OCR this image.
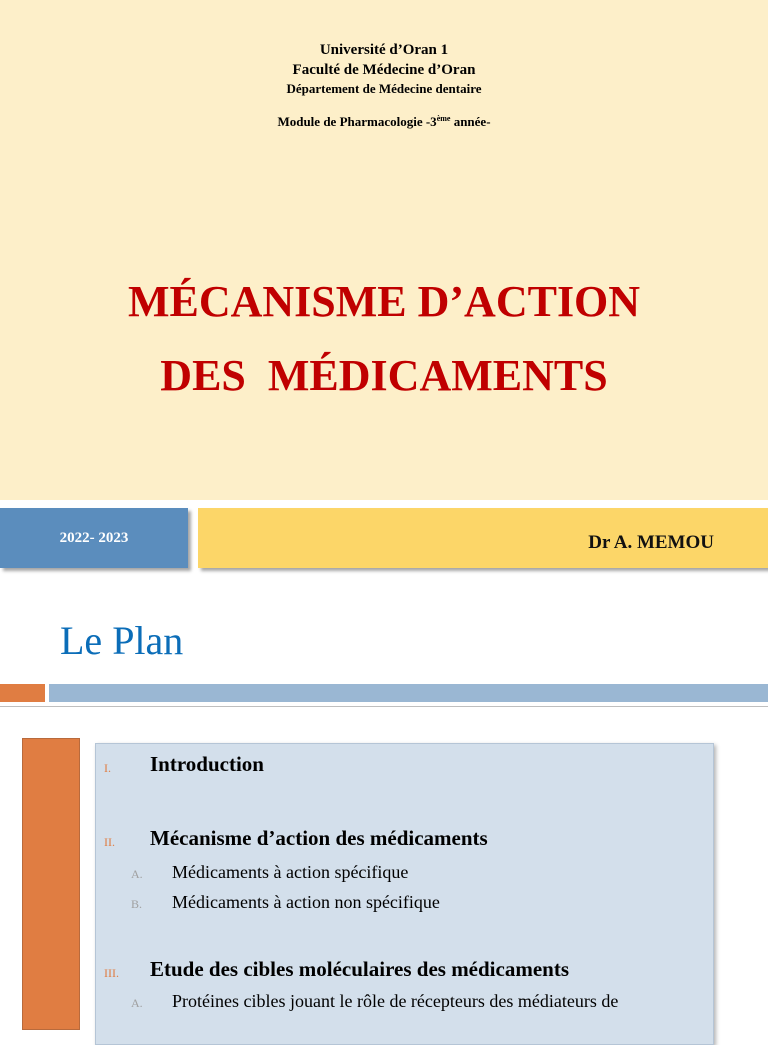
Université d’Oran 1
Faculté de Médecine d’Oran
Département de Médecine dentaire
Module de Pharmacologie -3ème année-
MÉCANISME D’ACTION
DES  MÉDICAMENTS
2022- 2023	Dr A. MEMOU
Le Plan
I. Introduction
II. Mécanisme d’action des médicaments
A. Médicaments à action spécifique
B. Médicaments à action non spécifique
III. Etude des cibles moléculaires des médicaments
A. Protéines cibles jouant le rôle de récepteurs des médiateurs de
